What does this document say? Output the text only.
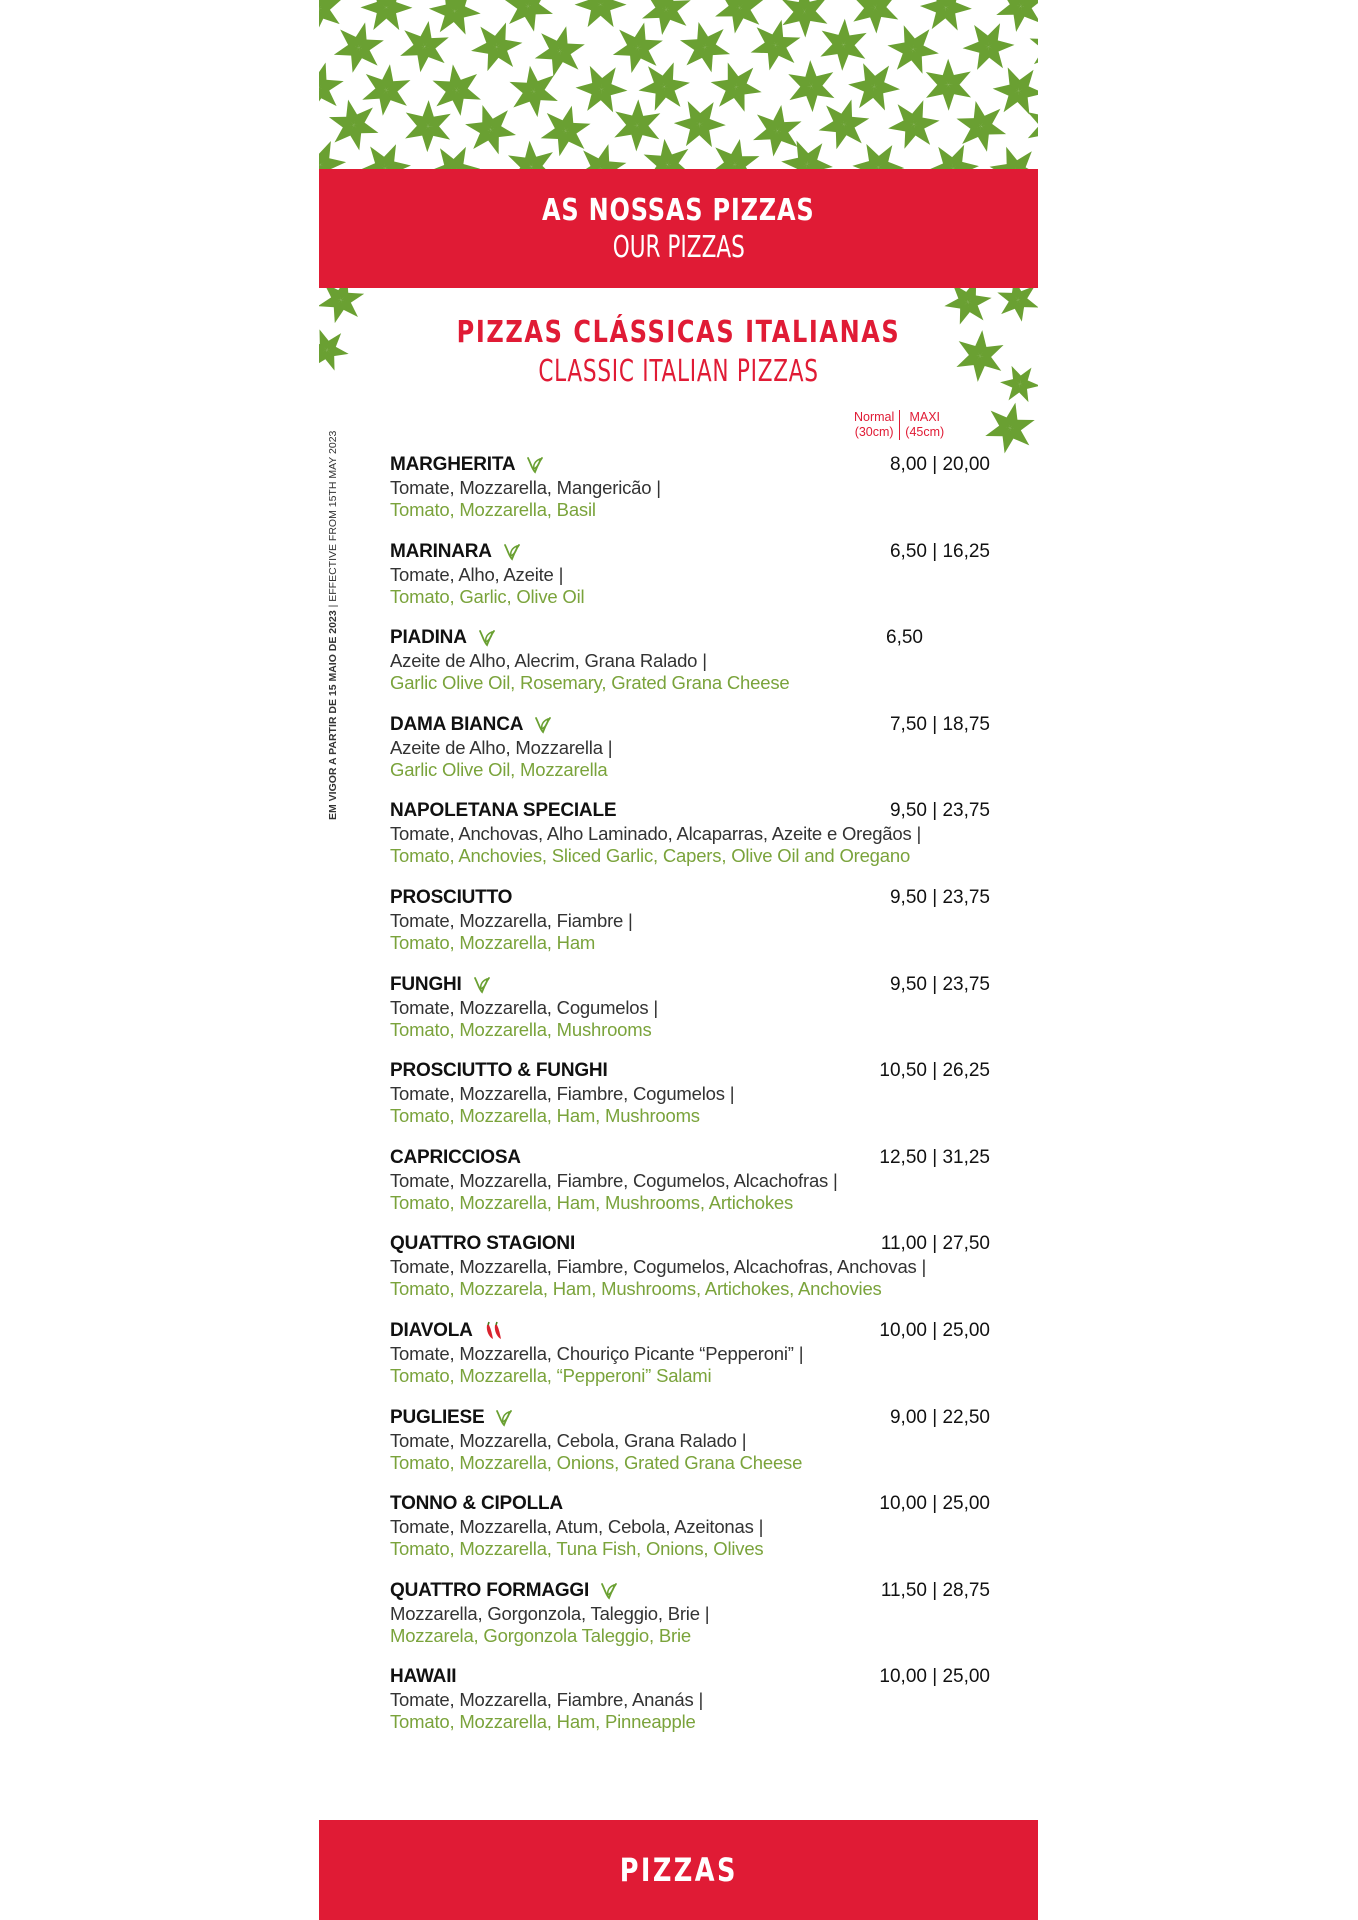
AS NOSSAS PIZZAS
OUR PIZZAS
PIZZAS CLÁSSICAS ITALIANAS
CLASSIC ITALIAN PIZZAS
Normal
(30cm)
MAXI
(45cm)
EM VIGOR A PARTIR DE 15 MAIO DE 2023 | EFFECTIVE FROM 15TH MAY 2023	MARGHERITA	8,00 | 20,00
Tomate, Mozzarella, Mangericão |
Tomato, Mozzarella, Basil
MARINARA	6,50 | 16,25
Tomate, Alho, Azeite |
Tomato, Garlic, Olive Oil
PIADINA	6,50
Azeite de Alho, Alecrim, Grana Ralado |
Garlic Olive Oil, Rosemary, Grated Grana Cheese
DAMA BIANCA	7,50 | 18,75
Azeite de Alho, Mozzarella |
Garlic Olive Oil, Mozzarella
NAPOLETANA SPECIALE	9,50 | 23,75
Tomate, Anchovas, Alho Laminado, Alcaparras, Azeite e Oregãos |
Tomato, Anchovies, Sliced Garlic, Capers, Olive Oil and Oregano
PROSCIUTTO	9,50 | 23,75
Tomate, Mozzarella, Fiambre |
Tomato, Mozzarella, Ham
FUNGHI	9,50 | 23,75
Tomate, Mozzarella, Cogumelos |
Tomato, Mozzarella, Mushrooms
PROSCIUTTO & FUNGHI	10,50 | 26,25
Tomate, Mozzarella, Fiambre, Cogumelos |
Tomato, Mozzarella, Ham, Mushrooms
CAPRICCIOSA	12,50 | 31,25
Tomate, Mozzarella, Fiambre, Cogumelos, Alcachofras |
Tomato, Mozzarella, Ham, Mushrooms, Artichokes
QUATTRO STAGIONI	11,00 | 27,50
Tomate, Mozzarella, Fiambre, Cogumelos, Alcachofras, Anchovas |
Tomato, Mozzarela, Ham, Mushrooms, Artichokes, Anchovies
DIAVOLA	10,00 | 25,00
Tomate, Mozzarella, Chouriço Picante “Pepperoni” |
Tomato, Mozzarella, “Pepperoni” Salami
PUGLIESE	9,00 | 22,50
Tomate, Mozzarella, Cebola, Grana Ralado |
Tomato, Mozzarella, Onions, Grated Grana Cheese
TONNO & CIPOLLA	10,00 | 25,00
Tomate, Mozzarella, Atum, Cebola, Azeitonas |
Tomato, Mozzarella, Tuna Fish, Onions, Olives
QUATTRO FORMAGGI	11,50 | 28,75
Mozzarella, Gorgonzola, Taleggio, Brie |
Mozzarela, Gorgonzola Taleggio, Brie
HAWAII	10,00 | 25,00
Tomate, Mozzarella, Fiambre, Ananás |
Tomato, Mozzarella, Ham, Pinneapple
PIZZAS
